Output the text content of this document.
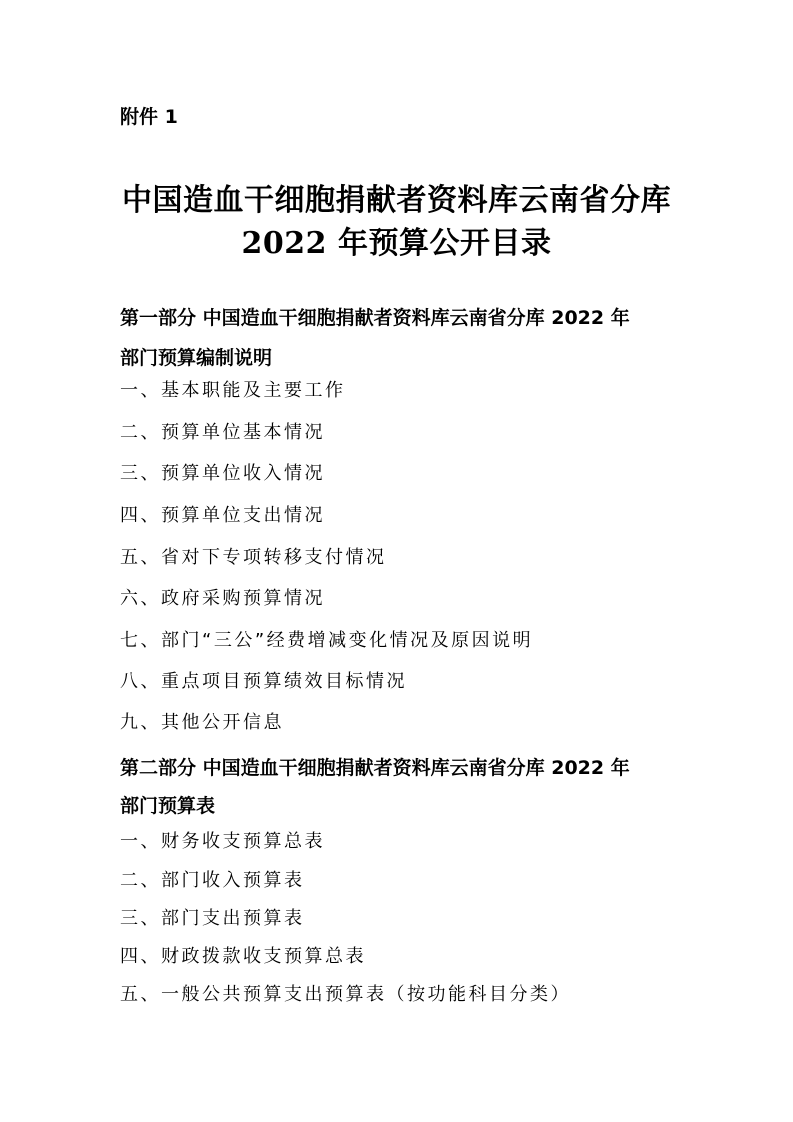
附件 1
中国造血干细胞捐献者资料库云南省分库
2022 年预算公开目录
第一部分 中国造血干细胞捐献者资料库云南省分库 2022 年
部门预算编制说明
一、基本职能及主要工作
二、预算单位基本情况
三、预算单位收入情况
四、预算单位支出情况
五、省对下专项转移支付情况
六、政府采购预算情况
七、部门“三公”经费增减变化情况及原因说明
八、重点项目预算绩效目标情况
九、其他公开信息
第二部分 中国造血干细胞捐献者资料库云南省分库 2022 年
部门预算表
一、财务收支预算总表
二、部门收入预算表
三、部门支出预算表
四、财政拨款收支预算总表
五、一般公共预算支出预算表（按功能科目分类）
